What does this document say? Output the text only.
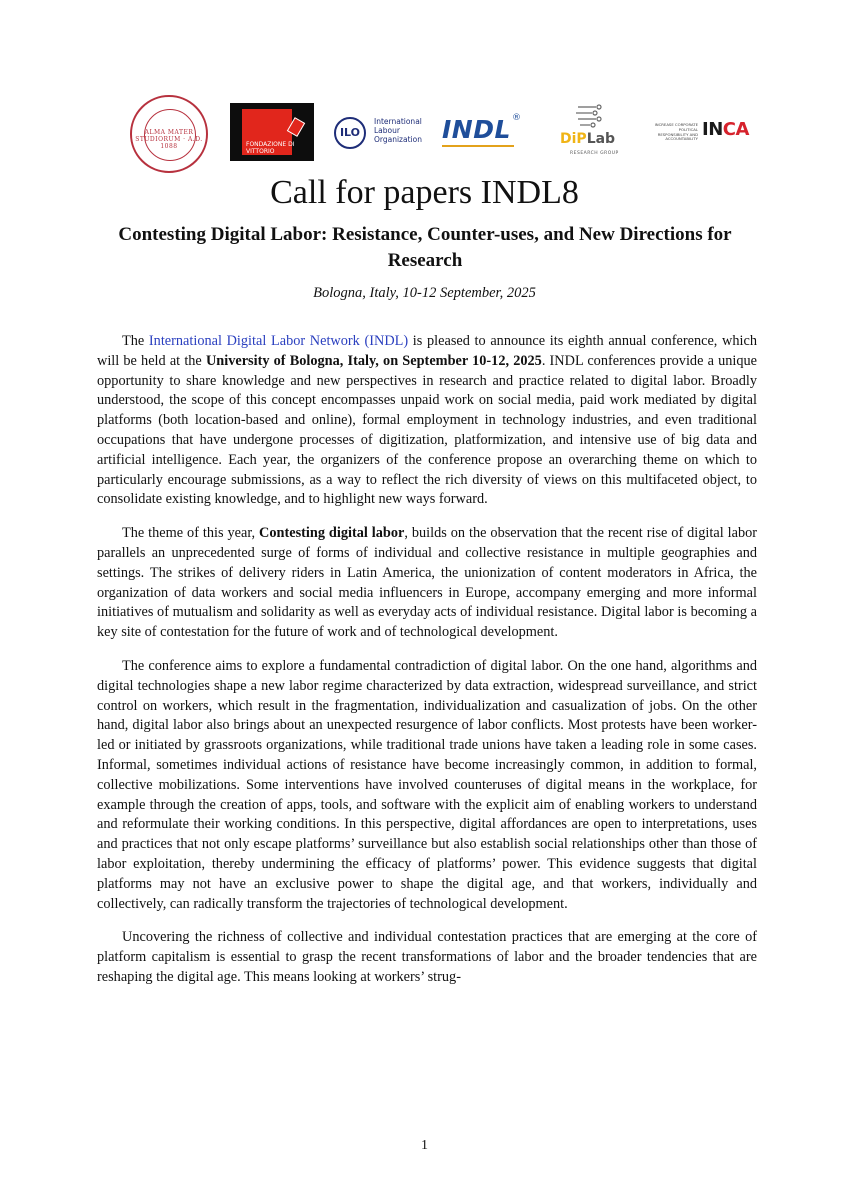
ALMA MATER STUDIORUM · A.D. 1088	FONDAZIONE DI VITTORIO
ILO
International
Labour
Organization INDL ®
DiPLab
RESEARCH GROUP
INCREASE CORPORATE POLITICAL RESPONSIBILITY AND ACCOUNTABILITY INCA
Call for papers INDL8
Contesting Digital Labor: Resistance, Counter-uses, and New Directions for Research
Bologna, Italy, 10-12 September, 2025

The International Digital Labor Network (INDL) is pleased to announce its eighth annual conference, which will be held at the University of Bologna, Italy, on September 10-12, 2025. INDL conferences provide a unique opportunity to share knowledge and new perspectives in research and practice related to digital labor. Broadly understood, the scope of this concept encompasses unpaid work on social media, paid work mediated by digital platforms (both location-based and online), formal employment in technology industries, and even traditional occupations that have undergone processes of digitization, platformization, and intensive use of big data and artificial intelligence. Each year, the organizers of the conference propose an overarching theme on which to particularly encourage submissions, as a way to reflect the rich diversity of views on this multifaceted object, to consolidate existing knowledge, and to highlight new ways forward.

The theme of this year, Contesting digital labor, builds on the observation that the recent rise of digital labor parallels an unprecedented surge of forms of individual and collective resistance in multiple geographies and settings. The strikes of delivery riders in Latin America, the unionization of content moderators in Africa, the organization of data workers and social media influencers in Europe, accompany emerging and more informal initiatives of mutualism and solidarity as well as everyday acts of individual resistance. Digital labor is becoming a key site of contestation for the future of work and of technological development.

The conference aims to explore a fundamental contradiction of digital labor. On the one hand, algorithms and digital technologies shape a new labor regime characterized by data extraction, widespread surveillance, and strict control on workers, which result in the fragmentation, individualization and casualization of jobs. On the other hand, digital labor also brings about an unexpected resurgence of labor conflicts. Most protests have been worker-led or initiated by grassroots organizations, while traditional trade unions have taken a leading role in some cases. Informal, sometimes individual actions of resistance have become increasingly common, in addition to formal, collective mobilizations. Some interventions have involved counteruses of digital means in the workplace, for example through the creation of apps, tools, and software with the explicit aim of enabling workers to understand and reformulate their working conditions. In this perspective, digital affordances are open to interpretations, uses and practices that not only escape platforms’ surveillance but also establish social relationships other than those of labor exploitation, thereby undermining the efficacy of platforms’ power. This evidence suggests that digital platforms may not have an exclusive power to shape the digital age, and that workers, individually and collectively, can radically transform the trajectories of technological development.

Uncovering the richness of collective and individual contestation practices that are emerging at the core of platform capitalism is essential to grasp the recent transformations of labor and the broader tendencies that are reshaping the digital age. This means looking at workers’ strug-

1
